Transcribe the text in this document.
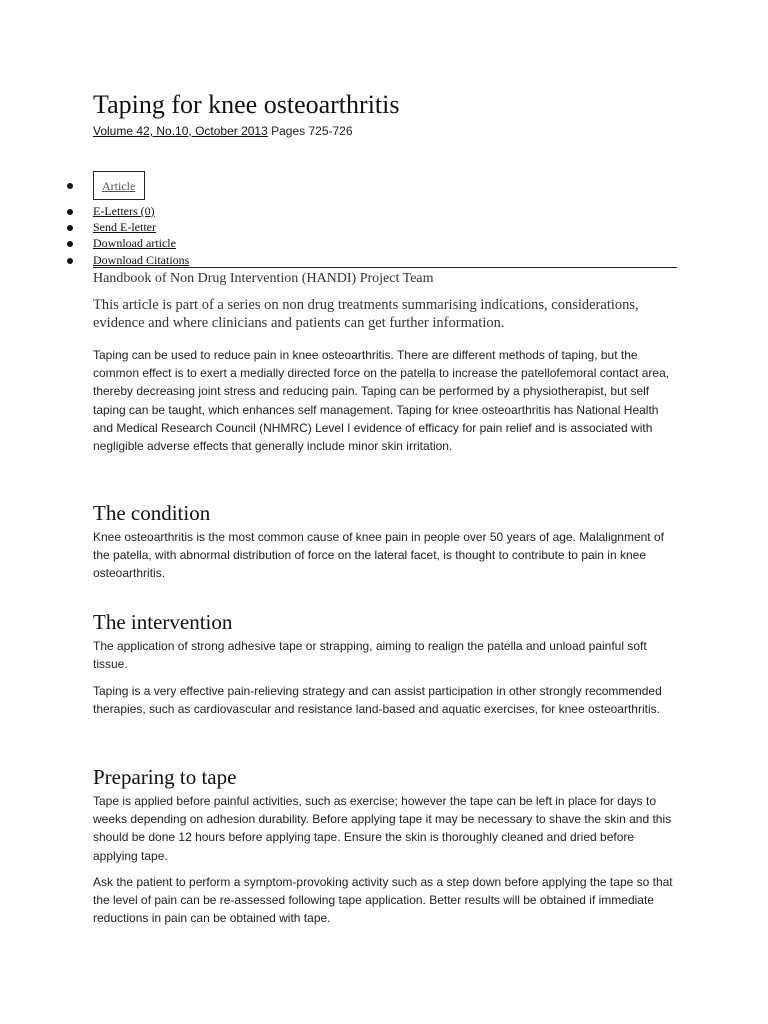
Taping for knee osteoarthritis
Volume 42, No.10, October 2013 Pages 725-726
Article
E-Letters (0)
Send E-letter
Download article
Download Citations
Handbook of Non Drug Intervention (HANDI) Project Team

This article is part of a series on non drug treatments summarising indications, considerations, evidence and where clinicians and patients can get further information.

Taping can be used to reduce pain in knee osteoarthritis. There are different methods of taping, but the common effect is to exert a medially directed force on the patella to increase the patellofemoral contact area, thereby decreasing joint stress and reducing pain. Taping can be performed by a physiotherapist, but self taping can be taught, which enhances self management. Taping for knee osteoarthritis has National Health and Medical Research Council (NHMRC) Level I evidence of efficacy for pain relief and is associated with negligible adverse effects that generally include minor skin irritation.

The condition

Knee osteoarthritis is the most common cause of knee pain in people over 50 years of age. Malalignment of the patella, with abnormal distribution of force on the lateral facet, is thought to contribute to pain in knee osteoarthritis.

The intervention

The application of strong adhesive tape or strapping, aiming to realign the patella and unload painful soft tissue.

Taping is a very effective pain-relieving strategy and can assist participation in other strongly recommended therapies, such as cardiovascular and resistance land-based and aquatic exercises, for knee osteoarthritis.

Preparing to tape

Tape is applied before painful activities, such as exercise; however the tape can be left in place for days to weeks depending on adhesion durability. Before applying tape it may be necessary to shave the skin and this should be done 12 hours before applying tape. Ensure the skin is thoroughly cleaned and dried before applying tape.

Ask the patient to perform a symptom-provoking activity such as a step down before applying the tape so that the level of pain can be re-assessed following tape application. Better results will be obtained if immediate reductions in pain can be obtained with tape.
